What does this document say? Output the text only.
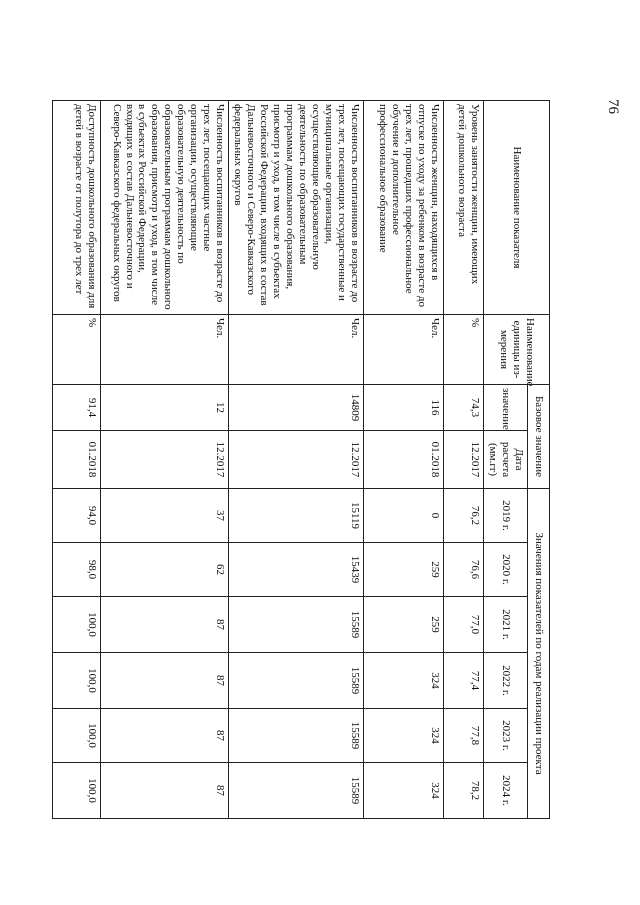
76
Наименование показателя	Наименование единицы из-мерения	Базовое значение		Значения показателей по годам реализации проекта					
		значение	Дата расчета (мм.гг)	2019 г.	2020 г.	2021 г.	2022 г.	2023 г.	2024 г.
Уровень занятости женщин, имеющих детей дошкольного возраста	%	74,3	12.2017	76,2	76,6	77,0	77,4	77,8	78,2
Численность женщин, находящихся в отпуске по уходу за ребенком в возрасте до трех лет, прошедших профессиональное обучение и дополнительное профессиональное образование	Чел.	116	01.2018	0	259	259	324	324	324
Численность воспитанников в возрасте до трех лет, посещающих государственные и муниципальные организации, осуществляющие образовательную деятельность по образовательным программам дошкольного образования, присмотр и уход, в том числе в субъектах Российской Федерации, входящих в состав Дальневосточного и Северо-Кавказского федеральных округов	Чел.	14809	12.2017	15119	15439	15589	15589	15589	15589
Численность воспитанников в возрасте до трех лет, посещающих частные организации, осуществляющие образовательную деятельность по образовательным программам дошкольного образования, присмотр и уход, в том числе в субъектах Российской Федерации, входящих в состав Дальневосточного и Северо-Кавказского федеральных округов	Чел.	12	12.2017	37	62	87	87	87	87
Доступность дошкольного образования для детей в возрасте от полутора до трех лет	%	91,4	01.2018	94,0	98,0	100,0	100,0	100,0	100,0
